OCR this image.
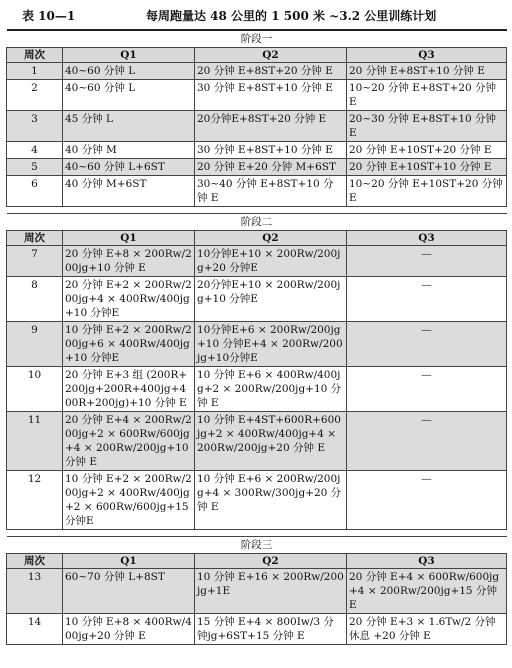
表 10—1	每周跑量达 48 公里的 1 500 米 ~3.2 公里训练计划
阶段一			
周次	Q1	Q2	Q3
1	40~60 分钟 L	20 分钟 E+8ST+20 分钟 E	20 分钟 E+8ST+10 分钟 E
2	40~60 分钟 L	30 分钟 E+8ST+10 分钟 E	10~20 分钟 E+8ST+20 分钟 E
3	45 分钟 L	20分钟E+8ST+20 分钟 E	20~30 分钟 E+8ST+10 分钟 E
4	40 分钟 M	30 分钟 E+8ST+10 分钟 E	20 分钟 E+10ST+20 分钟 E
5	40~60 分钟 L+6ST	20 分钟 E+20 分钟 M+6ST	20 分钟 E+10ST+10 分钟 E
6	40 分钟 M+6ST	30~40 分钟 E+8ST+10 分钟 E	10~20 分钟 E+10ST+20 分钟 E

阶段二			
周次	Q1	Q2	Q3
7	20 分钟 E+8 × 200Rw/200jg+10 分钟 E	10分钟E+10 × 200Rw/200jg+20 分钟E	—
8	20 分钟 E+2 × 200Rw/200jg+4 × 400Rw/400jg+10 分钟E	20分钟E+10 × 200Rw/200jg+10 分钟E	—
9	10 分钟 E+2 × 200Rw/200jg+6 × 400Rw/400jg+10 分钟E	10分钟E+6 × 200Rw/200jg+10 分钟E+4 × 200Rw/200jg+10分钟E	—
10	20 分钟 E+3 组 (200R+200jg+200R+400jg+400R+200jg)+10 分钟 E	10 分钟 E+6 × 400Rw/400jg+2 × 200Rw/200jg+10 分钟 E	—
11	20 分钟 E+4 × 200Rw/200jg+2 × 600Rw/600jg+4 × 200Rw/200jg+10 分钟 E	10 分钟 E+4ST+600R+600jg+2 × 400Rw/400jg+4 × 200Rw/200jg+20 分钟 E	—
12	10 分钟 E+2 × 200Rw/200jg+2 × 400Rw/400jg+2 × 600Rw/600jg+15 分钟E	10 分钟 E+6 × 200Rw/200jg+4 × 300Rw/300jg+20 分钟 E	—

阶段三			
周次	Q1	Q2	Q3
13	60~70 分钟 L+8ST	10 分钟 E+16 × 200Rw/200jg+1E	20 分钟 E+4 × 600Rw/600jg+4 × 200Rw/200jg+15 分钟 E
14	10 分钟 E+8 × 400Rw/400jg+20 分钟 E	15 分钟 E+4 × 800Iw/3 分钟jg+6ST+15 分钟 E	20 分钟 E+3 × 1.6Tw/2 分钟休息 +20 分钟 E
